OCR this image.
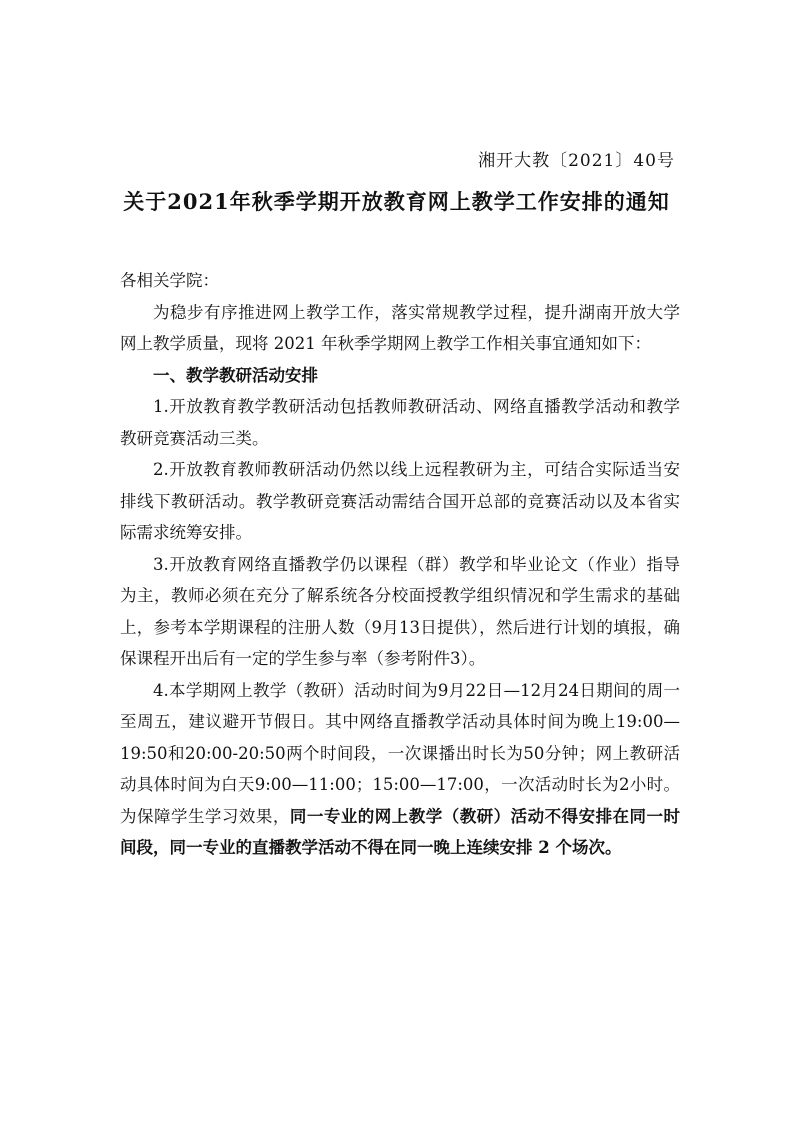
湘开大教〔2021〕40号
关于2021年秋季学期开放教育网上教学工作安排的通知

各相关学院：

为稳步有序推进网上教学工作，落实常规教学过程，提升湖南开放大学网上教学质量，现将 2021 年秋季学期网上教学工作相关事宜通知如下：

一、教学教研活动安排

1.开放教育教学教研活动包括教师教研活动、网络直播教学活动和教学教研竞赛活动三类。

2.开放教育教师教研活动仍然以线上远程教研为主，可结合实际适当安排线下教研活动。教学教研竞赛活动需结合国开总部的竞赛活动以及本省实际需求统筹安排。

3.开放教育网络直播教学仍以课程（群）教学和毕业论文（作业）指导为主，教师必须在充分了解系统各分校面授教学组织情况和学生需求的基础上，参考本学期课程的注册人数（9月13日提供），然后进行计划的填报，确保课程开出后有一定的学生参与率（参考附件3）。

4.本学期网上教学（教研）活动时间为9月22日—12月24日期间的周一至周五，建议避开节假日。其中网络直播教学活动具体时间为晚上19:00—19:50和20:00-20:50两个时间段，一次课播出时长为50分钟；网上教研活动具体时间为白天9:00—11:00；15:00—17:00，一次活动时长为2小时。为保障学生学习效果，同一专业的网上教学（教研）活动不得安排在同一时间段，同一专业的直播教学活动不得在同一晚上连续安排 2 个场次。
